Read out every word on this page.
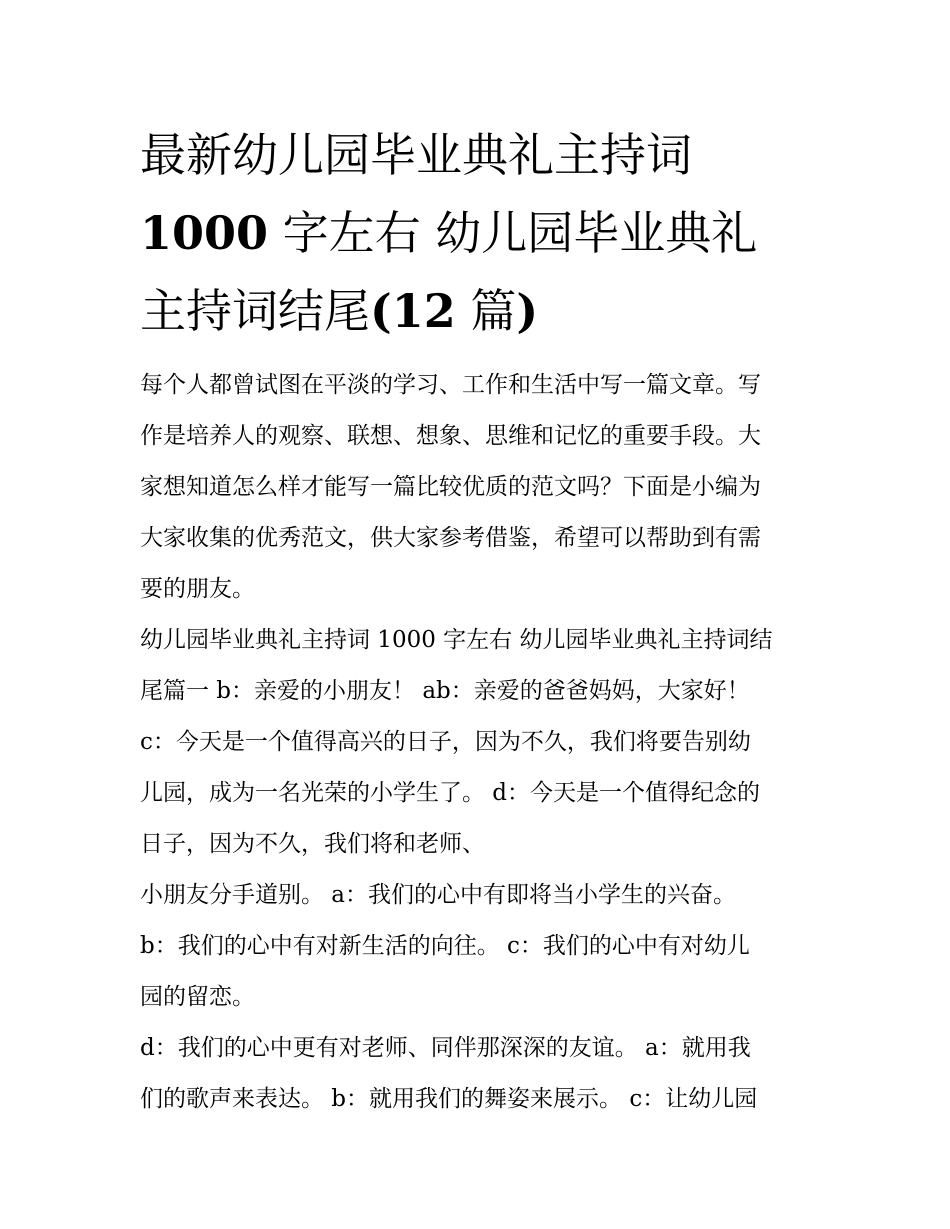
最新幼儿园毕业典礼主持词
1000 字左右 幼儿园毕业典礼
主持词结尾(12 篇)
每个人都曾试图在平淡的学习、工作和生活中写一篇文章。写
作是培养人的观察、联想、想象、思维和记忆的重要手段。大
家想知道怎么样才能写一篇比较优质的范文吗？下面是小编为
大家收集的优秀范文，供大家参考借鉴，希望可以帮助到有需
要的朋友。
幼儿园毕业典礼主持词 1000 字左右 幼儿园毕业典礼主持词结
尾篇一 b：亲爱的小朋友！ ab：亲爱的爸爸妈妈，大家好！
c：今天是一个值得高兴的日子，因为不久，我们将要告别幼
儿园，成为一名光荣的小学生了。 d：今天是一个值得纪念的
日子，因为不久，我们将和老师、
小朋友分手道别。 a：我们的心中有即将当小学生的兴奋。
b：我们的心中有对新生活的向往。 c：我们的心中有对幼儿
园的留恋。
d：我们的心中更有对老师、同伴那深深的友谊。 a：就用我
们的歌声来表达。 b：就用我们的舞姿来展示。 c：让幼儿园
